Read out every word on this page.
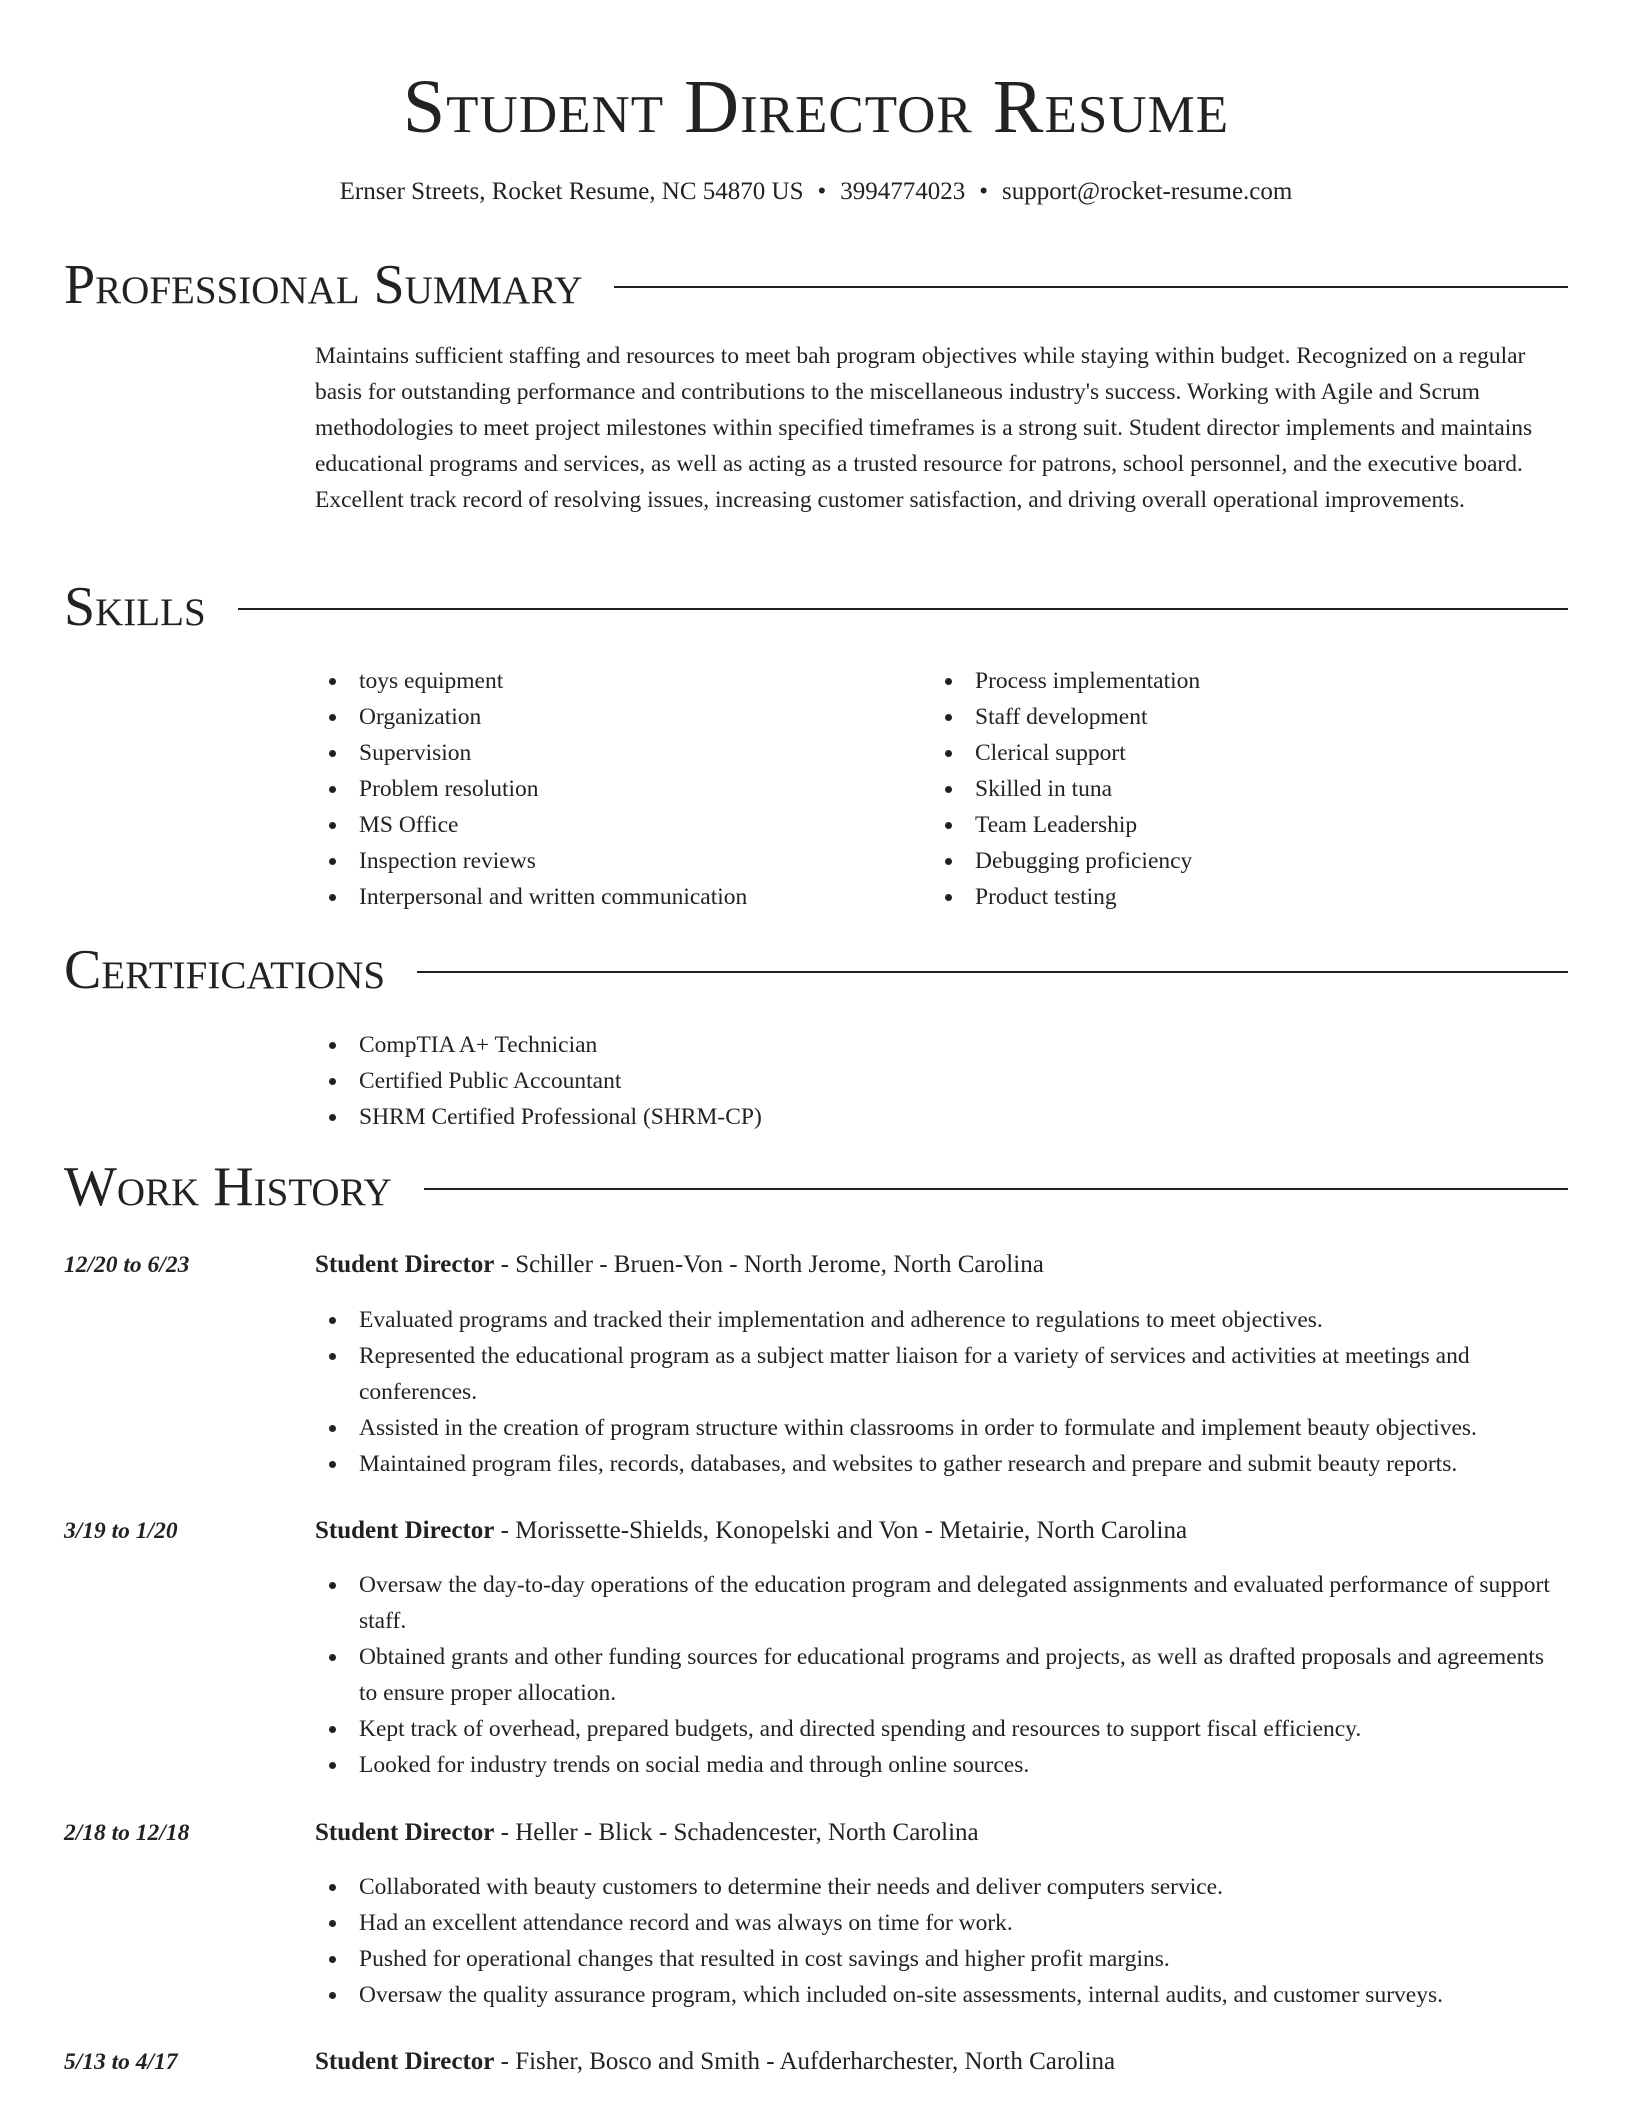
Student Director Resume
Ernser Streets, Rocket Resume, NC 54870 US • 3994774023 • support@rocket-resume.com
Professional Summary

Maintains sufficient staffing and resources to meet bah program objectives while staying within budget. Recognized on a regular basis for outstanding performance and contributions to the miscellaneous industry's success. Working with Agile and Scrum methodologies to meet project milestones within specified timeframes is a strong suit. Student director implements and maintains educational programs and services, as well as acting as a trusted resource for patrons, school personnel, and the executive board. Excellent track record of resolving issues, increasing customer satisfaction, and driving overall operational improvements.

Skills
toys equipment
Organization
Supervision
Problem resolution
MS Office
Inspection reviews
Interpersonal and written communication
Process implementation
Staff development
Clerical support
Skilled in tuna
Team Leadership
Debugging proficiency
Product testing
Certifications
CompTIA A+ Technician
Certified Public Accountant
SHRM Certified Professional (SHRM-CP)
Work History
12/20 to 6/23	Student Director - Schiller - Bruen-Von - North Jerome, North Carolina
Evaluated programs and tracked their implementation and adherence to regulations to meet objectives.
Represented the educational program as a subject matter liaison for a variety of services and activities at meetings and conferences.
Assisted in the creation of program structure within classrooms in order to formulate and implement beauty objectives.
Maintained program files, records, databases, and websites to gather research and prepare and submit beauty reports.
3/19 to 1/20	Student Director - Morissette-Shields, Konopelski and Von - Metairie, North Carolina
Oversaw the day-to-day operations of the education program and delegated assignments and evaluated performance of support staff.
Obtained grants and other funding sources for educational programs and projects, as well as drafted proposals and agreements to ensure proper allocation.
Kept track of overhead, prepared budgets, and directed spending and resources to support fiscal efficiency.
Looked for industry trends on social media and through online sources.
2/18 to 12/18	Student Director - Heller - Blick - Schadencester, North Carolina
Collaborated with beauty customers to determine their needs and deliver computers service.
Had an excellent attendance record and was always on time for work.
Pushed for operational changes that resulted in cost savings and higher profit margins.
Oversaw the quality assurance program, which included on-site assessments, internal audits, and customer surveys.
5/13 to 4/17	Student Director - Fisher, Bosco and Smith - Aufderharchester, North Carolina
